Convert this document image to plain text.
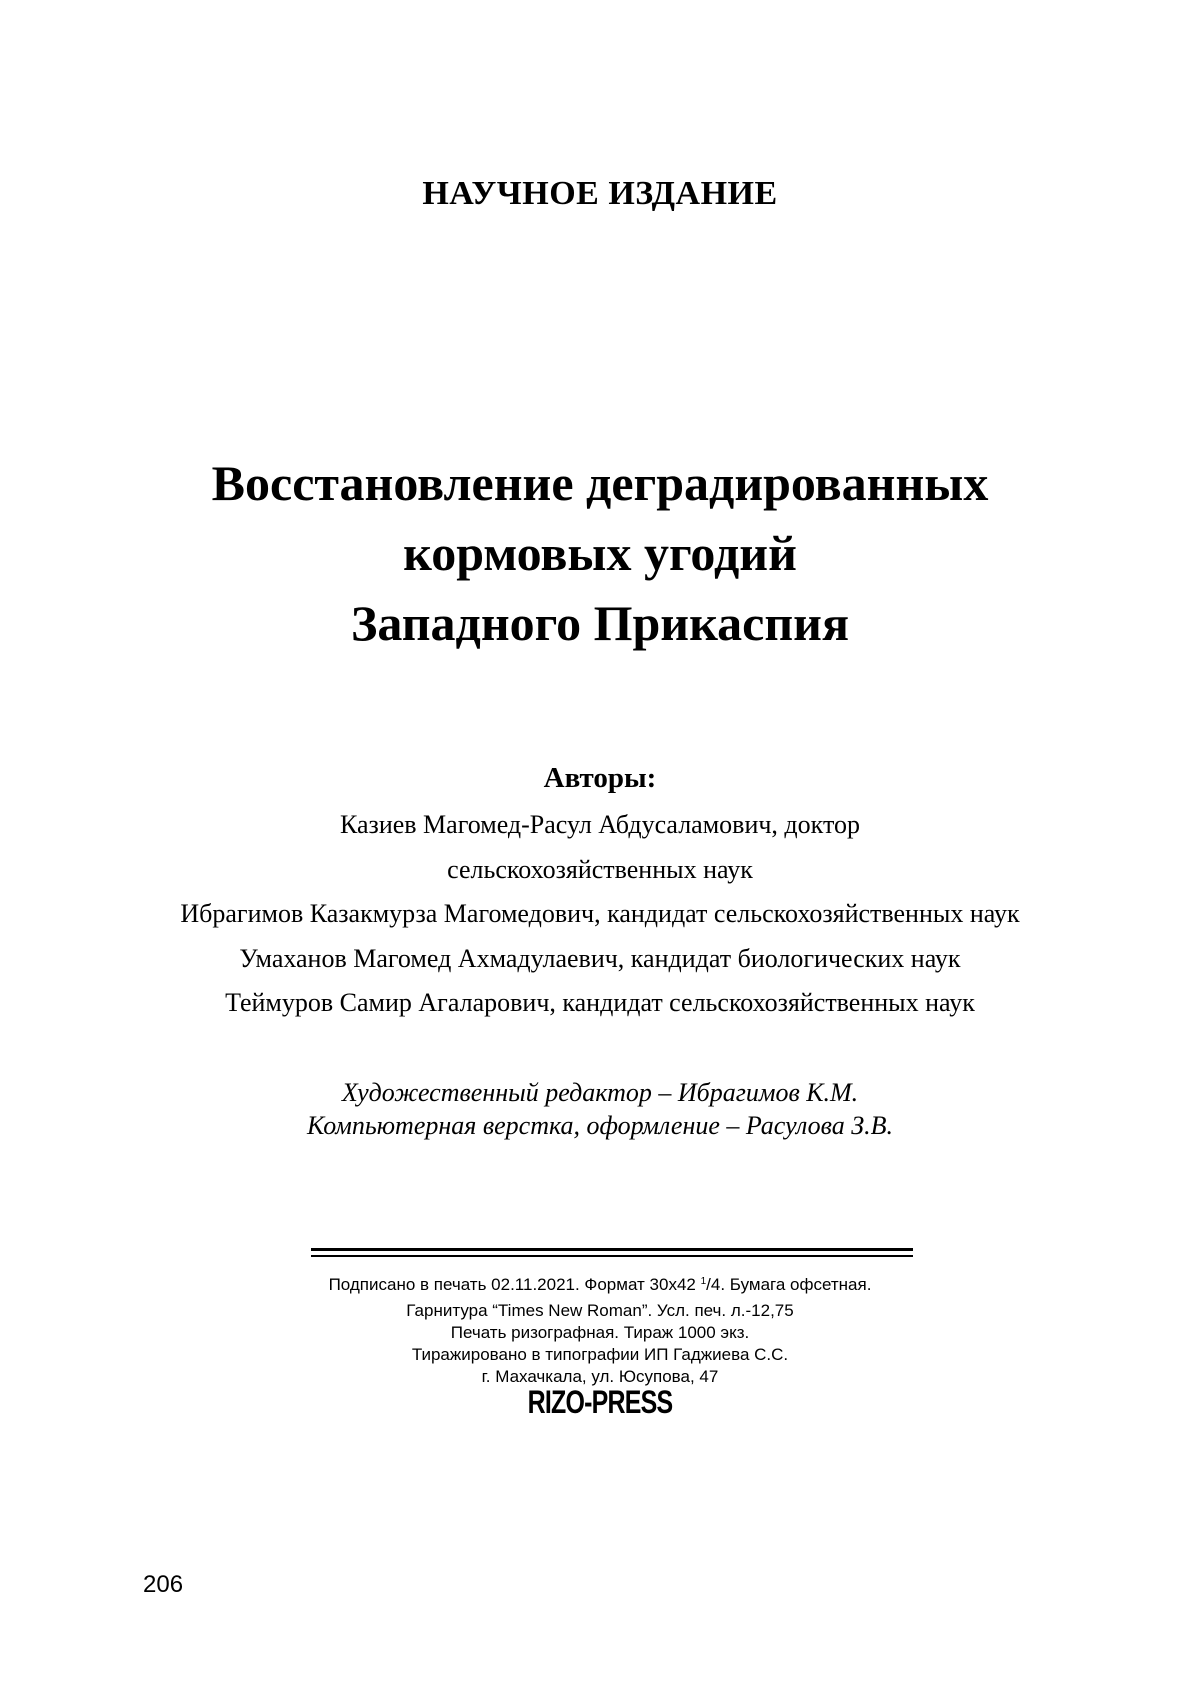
НАУЧНОЕ ИЗДАНИЕ
Восстановление деградированных
кормовых угодий
Западного Прикаспия
Авторы:
Казиев Магомед-Расул Абдусаламович, доктор
сельскохозяйственных наук
Ибрагимов Казакмурза Магомедович, кандидат сельскохозяйственных наук
Умаханов Магомед Ахмадулаевич, кандидат биологических наук
Теймуров Самир Агаларович, кандидат сельскохозяйственных наук
Художественный редактор – Ибрагимов К.М.
Компьютерная верстка, оформление – Расулова З.В.
Подписано в печать 02.11.2021. Формат 30х42 $^1$/4. Бумага офсетная.
Гарнитура “Times New Roman”. Усл. печ. л.-12,75
Печать ризографная. Тираж 1000 экз.
Тиражировано в типографии ИП Гаджиева С.С.
г. Махачкала, ул. Юсупова, 47
RIZO-PRESS
206
